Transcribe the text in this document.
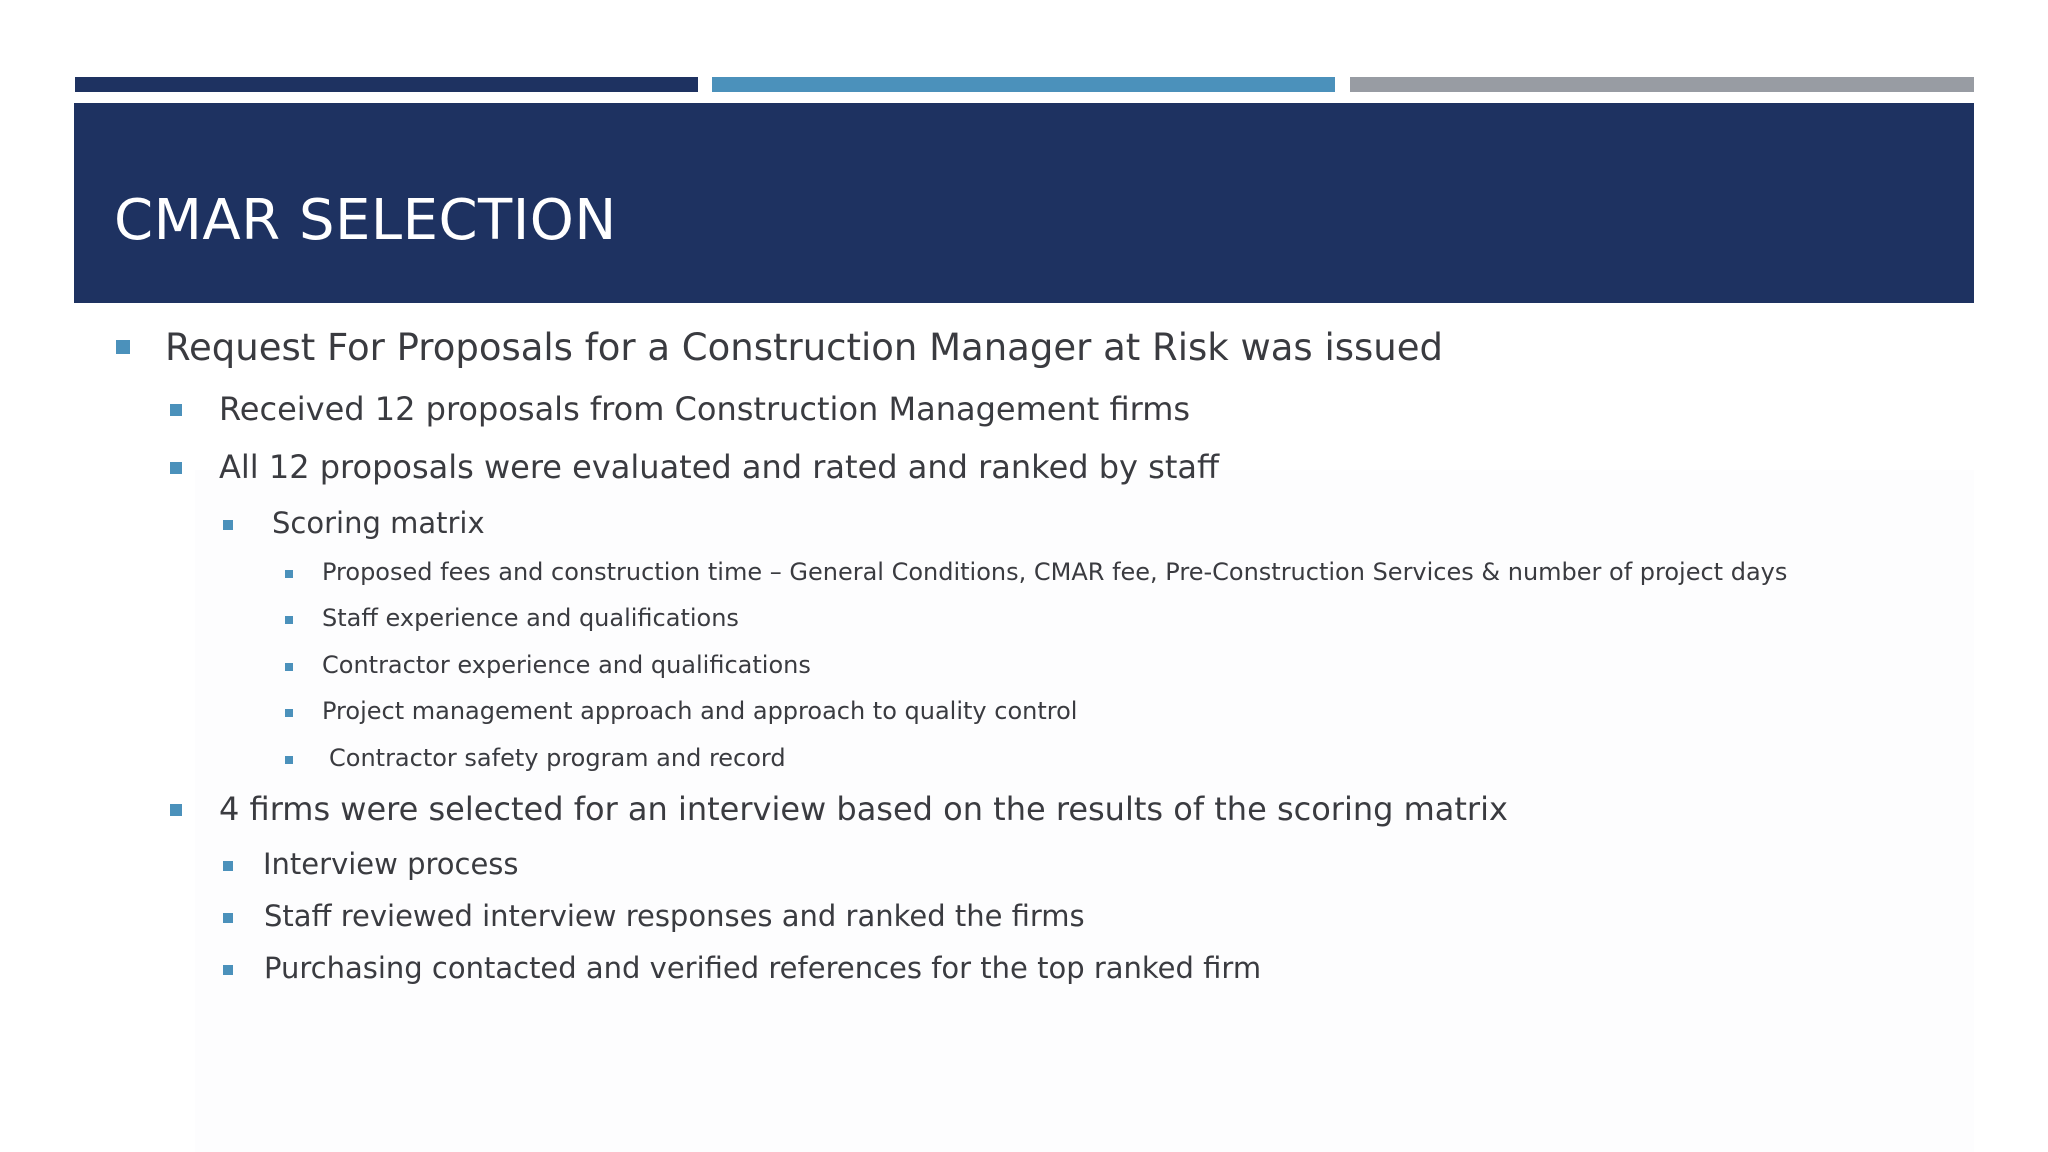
CMAR SELECTION
Request For Proposals for a Construction Manager at Risk was issued
Received 12 proposals from Construction Management firms
All 12 proposals were evaluated and rated and ranked by staff
Scoring matrix
Proposed fees and construction time – General Conditions, CMAR fee, Pre-Construction Services & number of project days
Staff experience and qualifications
Contractor experience and qualifications
Project management approach and approach to quality control
Contractor safety program and record
4 firms were selected for an interview based on the results of the scoring matrix
Interview process
Staff reviewed interview responses and ranked the firms
Purchasing contacted and verified references for the top ranked firm
